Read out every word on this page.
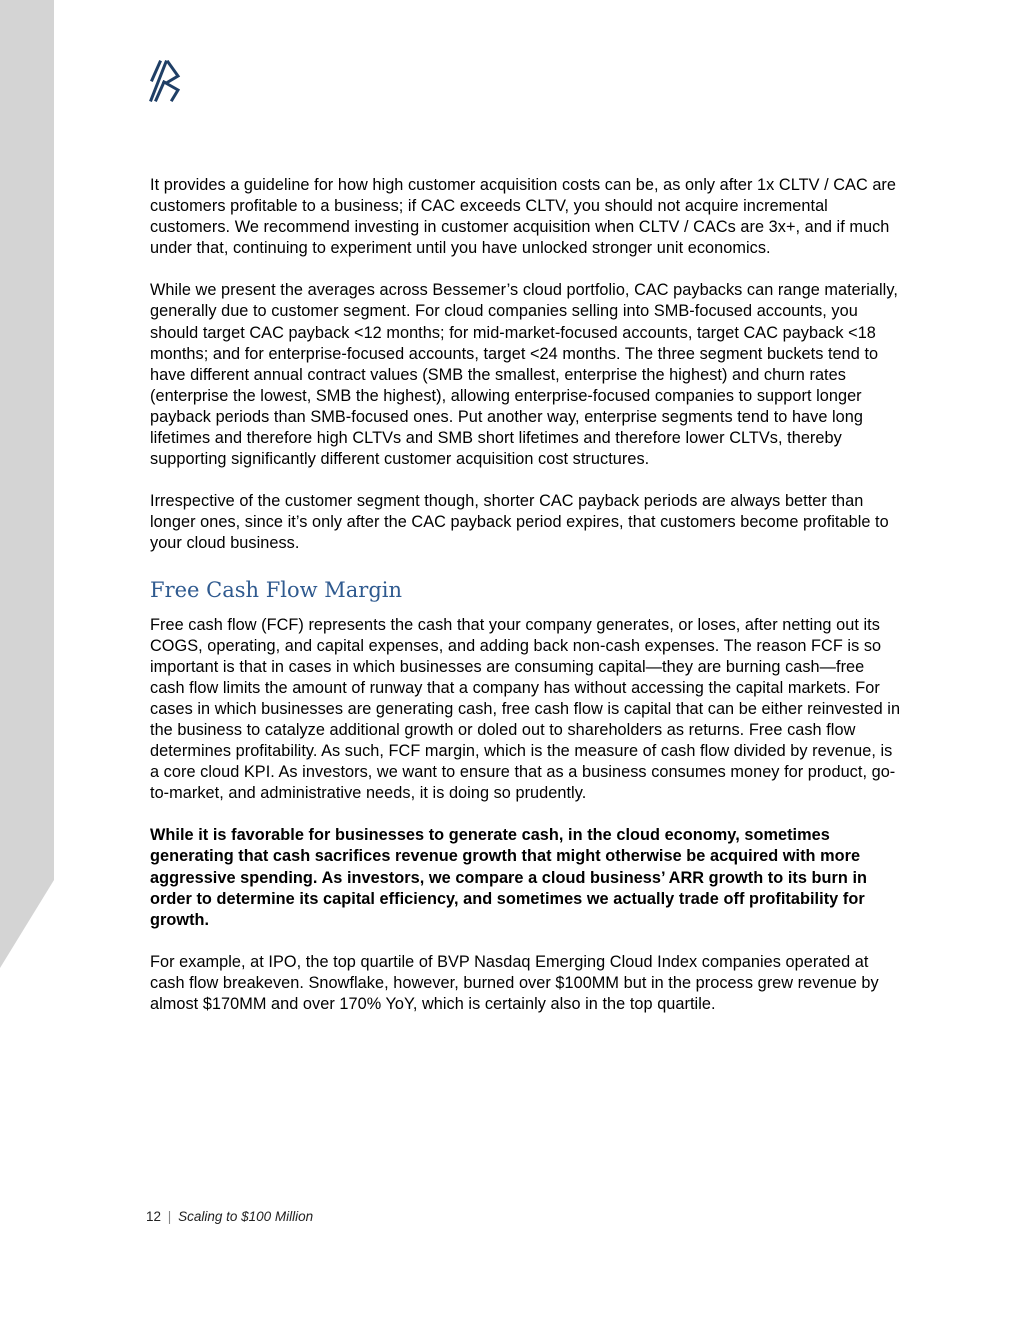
It provides a guideline for how high customer acquisition costs can be, as only after 1x CLTV / CAC are customers profitable to a business; if CAC exceeds CLTV, you should not acquire incremental customers. We recommend investing in customer acquisition when CLTV / CACs are 3x+, and if much under that, continuing to experiment until you have unlocked stronger unit economics.

While we present the averages across Bessemer’s cloud portfolio, CAC paybacks can range materially, generally due to customer segment. For cloud companies selling into SMB-focused accounts, you should target CAC payback <12 months; for mid-market-focused accounts, target CAC payback <18 months; and for enterprise-focused accounts, target <24 months. The three segment buckets tend to have different annual contract values (SMB the smallest, enterprise the highest) and churn rates (enterprise the lowest, SMB the highest), allowing enterprise-focused companies to support longer payback periods than SMB-focused ones. Put another way, enterprise segments tend to have long lifetimes and therefore high CLTVs and SMB short lifetimes and therefore lower CLTVs, thereby supporting significantly different customer acquisition cost structures.

Irrespective of the customer segment though, shorter CAC payback periods are always better than longer ones, since it’s only after the CAC payback period expires, that customers become profitable to your cloud business.

Free Cash Flow Margin

Free cash flow (FCF) represents the cash that your company generates, or loses, after netting out its COGS, operating, and capital expenses, and adding back non-cash expenses. The reason FCF is so important is that in cases in which businesses are consuming capital—they are burning cash—free cash flow limits the amount of runway that a company has without accessing the capital markets. For cases in which businesses are generating cash, free cash flow is capital that can be either reinvested in the business to catalyze additional growth or doled out to shareholders as returns. Free cash flow determines profitability. As such, FCF margin, which is the measure of cash flow divided by revenue, is a core cloud KPI. As investors, we want to ensure that as a business consumes money for product, go-to-market, and administrative needs, it is doing so prudently.

While it is favorable for businesses to generate cash, in the cloud economy, sometimes generating that cash sacrifices revenue growth that might otherwise be acquired with more aggressive spending. As investors, we compare a cloud business’ ARR growth to its burn in order to determine its capital efficiency, and sometimes we actually trade off profitability for growth.

For example, at IPO, the top quartile of BVP Nasdaq Emerging Cloud Index companies operated at cash flow breakeven. Snowflake, however, burned over $100MM but in the process grew revenue by almost $170MM and over 170% YoY, which is certainly also in the top quartile.

12 | Scaling to $100 Million
